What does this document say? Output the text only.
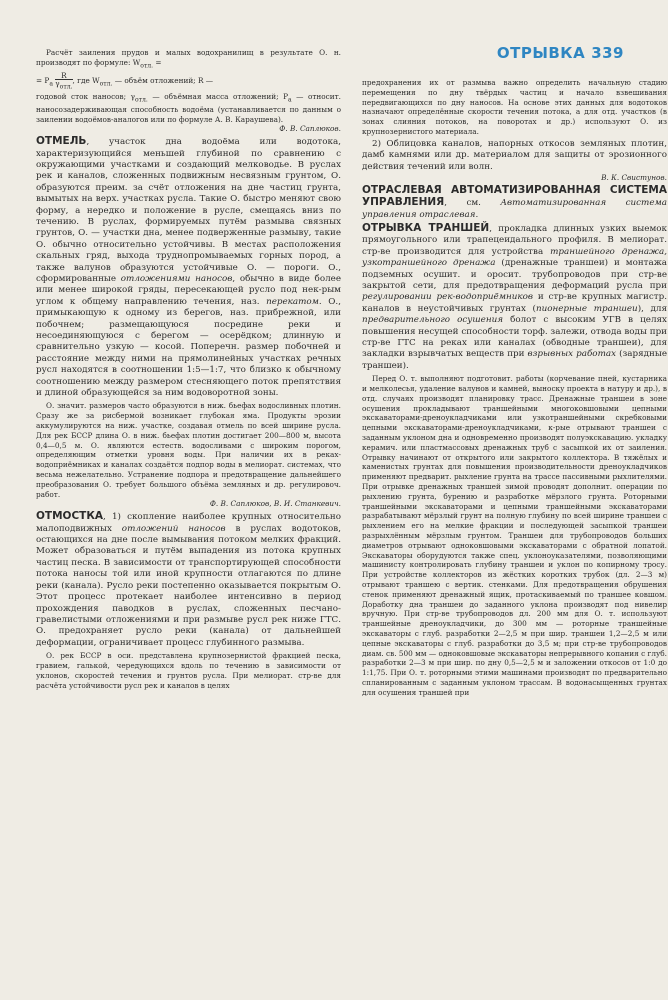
ОТРЫВКА 339

Расчёт заиления прудов и малых водохранилищ в результате О. н. производят по формуле: $W_{отл.}$ =

= $P_a \frac{R}{\gamma_{отл.}}$, где $W_{отл.}$ — объём отложений; R —

годовой сток наносов; $\gamma_{отл.}$ — объёмная масса отложений; $P_a$ — относит. наносозадерживающая способность водоёма (устанавливается по данным о заилении водоёмов-аналогов или по формуле А. В. Караушева).

Ф. В. Саплюков.

ОТМЕЛЬ, участок дна водоёма или водотока, характеризующийся меньшей глубиной по сравнению с окружающими участками и создающий мелководье. В руслах рек и каналов, сложенных подвижным несвязным грунтом, О. образуются преим. за счёт отложения на дне частиц грунта, вымытых на верх. участках русла. Такие О. быстро меняют свою форму, а нередко и положение в русле, смещаясь вниз по течению. В руслах, формируемых путём размыва связных грунтов, О. — участки дна, менее подверженные размыву, такие О. обычно относительно устойчивы. В местах расположения скальных гряд, выхода труднопромываемых горных пород, а также валунов образуются устойчивые О. — пороги. О., сформированные отложениями наносов, обычно в виде более или менее широкой гряды, пересекающей русло под нек-рым углом к общему направлению течения, наз. перекатом. О., примыкающую к одному из берегов, наз. прибрежной, или побочнем; размещающуюся посредине реки и несоединяющуюся с берегом — осерёдком; длинную и сравнительно узкую — косой. Поперечн. размер побочней и расстояние между ними на прямолинейных участках речных русл находятся в соотношении 1:5—1:7, что близко к обычному соотношению между размером стесняющего поток препятствия и длиной образующейся за ним водоворотной зоны.

О. значит. размеров часто образуются в ниж. бьефах водосливных плотин. Сразу же за рисбермой возникает глубокая яма. Продукты эрозии аккумулируются на ниж. участке, создавая отмель по всей ширине русла. Для рек БССР длина О. в ниж. бьефах плотин достигает 200—800 м, высота 0,4—0,5 м. О. являются естеств. водосливами с широким порогом, определяющим отметки уровня воды. При наличии их в реках-водоприёмниках и каналах создаётся подпор воды в мелиорат. системах, что весьма нежелательно. Устранение подпора и предотвращение дальнейшего преобразования О. требует большого объёма земляных и др. регулировоч. работ.

Ф. В. Саплюков, В. И. Станкевич.

ОТМОСТКА, 1) скопление наиболее крупных относительно малоподвижных отложений наносов в руслах водотоков, остающихся на дне после вымывания потоком мелких фракций. Может образоваться и путём выпадения из потока крупных частиц песка. В зависимости от транспортирующей способности потока наносы той или иной крупности отлагаются по длине реки (канала). Русло реки постепенно оказывается покрытым О. Этот процесс протекает наиболее интенсивно в период прохождения паводков в руслах, сложенных песчано-гравелистыми отложениями и при размыве русл рек ниже ГТС. О. предохраняет русло реки (канала) от дальнейшей деформации, ограничивает процесс глубинного размыва.

О. рек БССР в оси. представлена крупнозернистой фракцией песка, гравием, галькой, чередующихся вдоль по течению в зависимости от уклонов, скоростей течения и грунтов русла. При мелиорат. стр-ве для расчёта устойчивости русл рек и каналов в целях

предохранения их от размыва важно определить начальную стадию перемещения по дну твёрдых частиц и начало взвешивания передвигающихся по дну наносов. На основе этих данных для водотоков назначают определённые скорости течения потока, а для отд. участков (в зонах слияния потоков, на поворотах и др.) используют О. из крупнозернистого материала.

2) Облицовка каналов, напорных откосов земляных плотин, дамб камнями или др. материалом для защиты от эрозионного действия течений или волн.

В. К. Свистунов.

ОТРАСЛЕВАЯ АВТОМАТИЗИРОВАННАЯ СИСТЕМА УПРАВЛЕНИЯ, см. Автоматизированная система управления отраслевая.

ОТРЫВКА ТРАНШЕЙ, прокладка длинных узких выемок прямоугольного или трапецеидального профиля. В мелиорат. стр-ве производится для устройства траншейного дренажа, узкотраншейного дренажа (дренажные траншеи) и монтажа подземных осушит. и оросит. трубопроводов при стр-ве закрытой сети, для предотвращения деформаций русла при регулировании рек-водоприёмников и стр-ве крупных магистр. каналов в неустойчивых грунтах (пионерные траншеи), для предварительного осушения болот с высоким УГВ в целях повышения несущей способности торф. залежи, отвода воды при стр-ве ГТС на реках или каналах (обводные траншеи), для закладки взрывчатых веществ при взрывных работах (зарядные траншеи).

Перед О. т. выполняют подготовит. работы (корчевание пней, кустарника и мелколесья, удаление валунов и камней, выноску проекта в натуру и др.), в отд. случаях производят планировку трасс. Дренажные траншеи в зоне осушения прокладывают траншейными многоковшовыми цепными экскаваторами-дреноукладчиками или узкотраншейными скребковыми цепными экскаваторами-дреноукладчиками, к-рые отрывают траншеи с заданным уклоном дна и одновременно производят полуэкскавацию. укладку керамич. или пластмассовых дренажных труб с засыпкой их от заиления. Отрывку начинают от открытого или закрытого коллектора. В тяжёлых и каменистых грунтах для повышения производительности дреноукладчиков применяют предварит. рыхление грунта на трассе пассивными рыхлителями. При отрывке дренажных траншей зимой проводят дополнит. операции по рыхлению грунта, бурению и разработке мёрзлого грунта. Роторными траншейными экскаваторами и цепными траншейными экскаваторами разрабатывают мёрзлый грунт на полную глубину по всей ширине траншеи с рыхлением его на мелкие фракции и последующей засыпкой траншеи разрыхлённым мёрзлым грунтом. Траншеи для трубопроводов больших диаметров отрывают одноковшовыми экскаваторами с обратной лопатой. Экскаваторы оборудуются также спец. уклоноуказателями, позволяющими машинисту контролировать глубину траншеи и уклон по копирному тросу. При устройстве коллекторов из жёстких коротких трубок (дл. 2—3 м) отрывают траншею с вертик. стенками. Для предотвращения обрушения стенок применяют дренажный ящик, протаскиваемый по траншее ковшом. Доработку дна траншеи до заданного уклона производят под нивелир вручную. При стр-ве трубопроводов дл. 200 мм для О. т. используют траншейные дреноукладчики, до 300 мм — роторные траншейные экскаваторы с глуб. разработки 2—2,5 м при шир. траншеи 1,2—2,5 м или цепные экскаваторы с глуб. разработки до 3,5 м; при стр-ве трубопроводов диам. св. 500 мм — одноковшовые экскаваторы непрерывного копания с глуб. разработки 2—3 м при шир. по дну 0,5—2,5 м и заложении откосов от 1:0 до 1:1,75. При О. т. роторными этими машинами производят по предварительно спланированным с заданным уклоном трассам. В водонасыщенных грунтах для осушения траншей при
